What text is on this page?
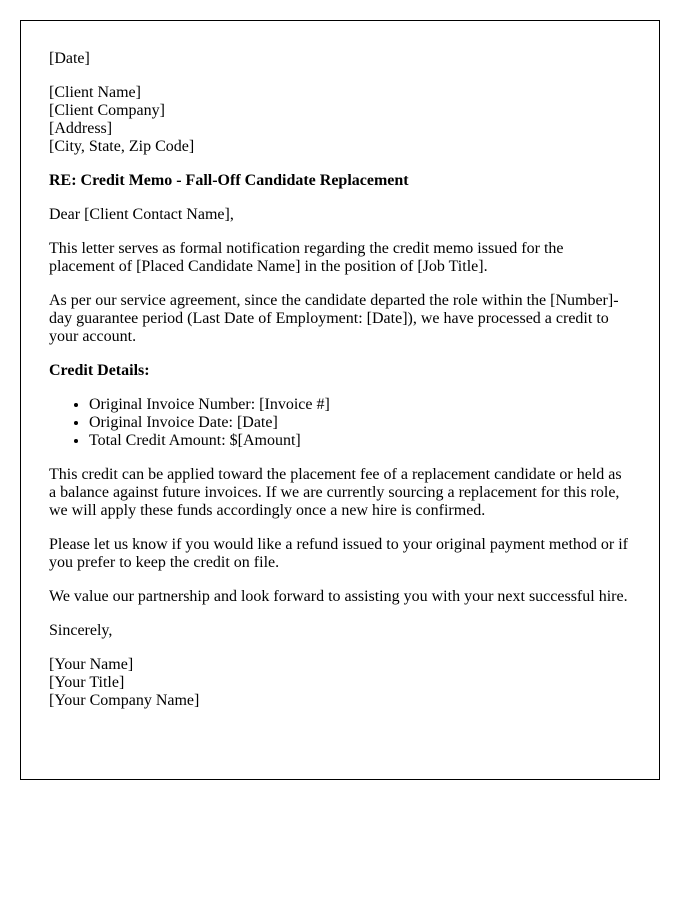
[Date]

[Client Name]
[Client Company]
[Address]
[City, State, Zip Code]

RE: Credit Memo - Fall-Off Candidate Replacement

Dear [Client Contact Name],

This letter serves as formal notification regarding the credit memo issued for the placement of [Placed Candidate Name] in the position of [Job Title].

As per our service agreement, since the candidate departed the role within the [Number]-day guarantee period (Last Date of Employment: [Date]), we have processed a credit to your account.

Credit Details:

• Original Invoice Number: [Invoice #]
• Original Invoice Date: [Date]
• Total Credit Amount: $[Amount]

This credit can be applied toward the placement fee of a replacement candidate or held as a balance against future invoices. If we are currently sourcing a replacement for this role, we will apply these funds accordingly once a new hire is confirmed.

Please let us know if you would like a refund issued to your original payment method or if you prefer to keep the credit on file.

We value our partnership and look forward to assisting you with your next successful hire.

Sincerely,

[Your Name]
[Your Title]
[Your Company Name]
